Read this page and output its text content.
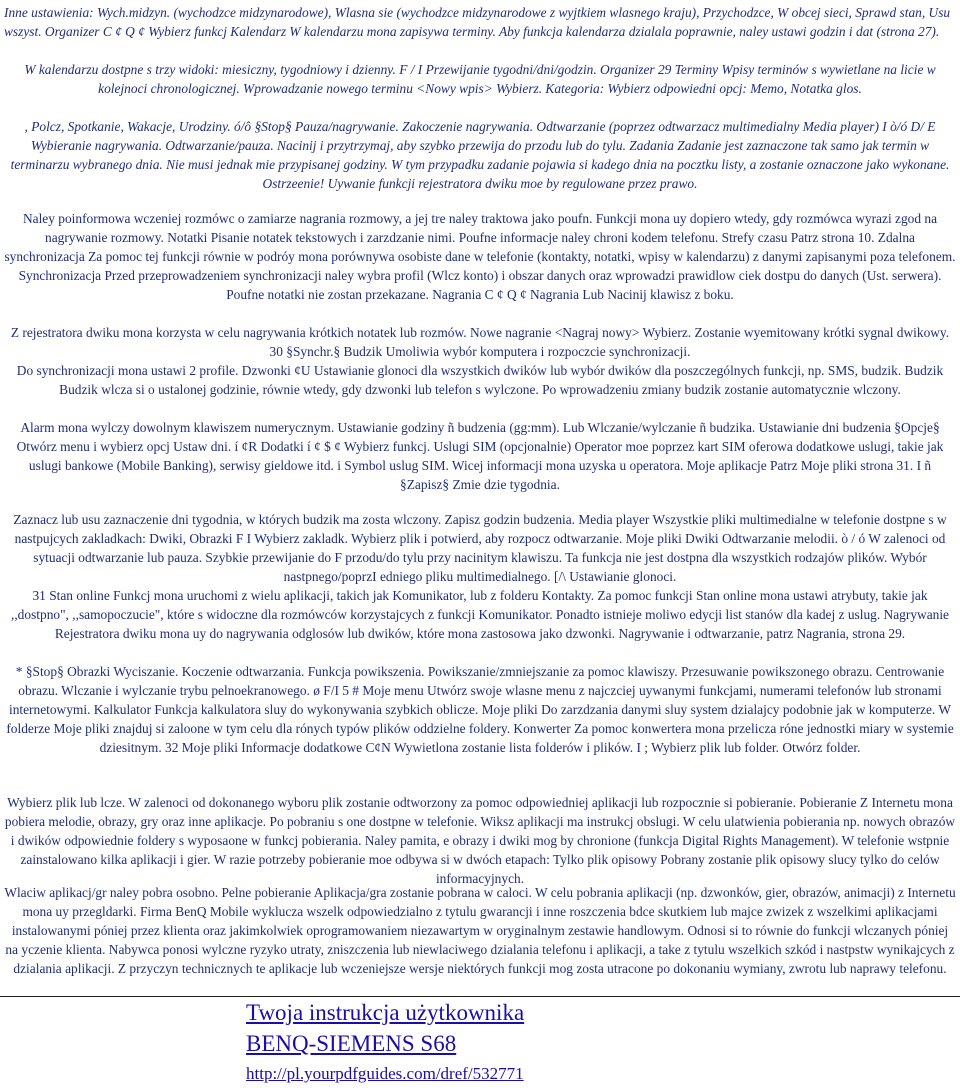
Inne ustawienia: Wych.midzyn. (wychodzce midzynarodowe), Wlasna sie (wychodzce midzynarodowe z wyjtkiem wlasnego kraju), Przychodzce, W obcej sieci, Sprawd stan, Usu wszyst. Organizer C ¢ Q ¢ Wybierz funkcj Kalendarz W kalendarzu mona zapisywa terminy. Aby funkcja kalendarza dzialala poprawnie, naley ustawi godzin i dat (strona 27).

W kalendarzu dostpne s trzy widoki: miesiczny, tygodniowy i dzienny. F / I Przewijanie tygodni/dni/godzin. Organizer 29 Terminy Wpisy terminów s wywietlane na licie w kolejnoci chronologicznej. Wprowadzanie nowego terminu <Nowy wpis> Wybierz. Kategoria: Wybierz odpowiedni opcj: Memo, Notatka glos.

, Polcz, Spotkanie, Wakacje, Urodziny. ó/ô §Stop§ Pauza/nagrywanie. Zakoczenie nagrywania. Odtwarzanie (poprzez odtwarzacz multimedialny Media player) I ò/ó D/ E Wybieranie nagrywania. Odtwarzanie/pauza. Nacinij i przytrzymaj, aby szybko przewija do przodu lub do tylu. Zadania Zadanie jest zaznaczone tak samo jak termin w terminarzu wybranego dnia. Nie musi jednak mie przypisanej godziny. W tym przypadku zadanie pojawia si kadego dnia na pocztku listy, a zostanie oznaczone jako wykonane. Ostrzeenie! Uywanie funkcji rejestratora dwiku moe by regulowane przez prawo.

Naley poinformowa wczeniej rozmówc o zamiarze nagrania rozmowy, a jej tre naley traktowa jako poufn. Funkcji mona uy dopiero wtedy, gdy rozmówca wyrazi zgod na nagrywanie rozmowy. Notatki Pisanie notatek tekstowych i zarzdzanie nimi. Poufne informacje naley chroni kodem telefonu. Strefy czasu Patrz strona 10. Zdalna synchronizacja Za pomoc tej funkcji równie w podróy mona porównywa osobiste dane w telefonie (kontakty, notatki, wpisy w kalendarzu) z danymi zapisanymi poza telefonem. Synchronizacja Przed przeprowadzeniem synchronizacji naley wybra profil (Wlcz konto) i obszar danych oraz wprowadzi prawidlow ciek dostpu do danych (Ust. serwera). Poufne notatki nie zostan przekazane. Nagrania C ¢ Q ¢ Nagrania Lub Nacinij klawisz z boku.

Z rejestratora dwiku mona korzysta w celu nagrywania krótkich notatek lub rozmów. Nowe nagranie <Nagraj nowy> Wybierz. Zostanie wyemitowany krótki sygnal dwikowy. 30 §Synchr.§ Budzik Umoliwia wybór komputera i rozpoczcie synchronizacji.

Do synchronizacji mona ustawi 2 profile. Dzwonki ¢U Ustawianie glonoci dla wszystkich dwików lub wybór dwików dla poszczególnych funkcji, np. SMS, budzik. Budzik Budzik wlcza si o ustalonej godzinie, równie wtedy, gdy dzwonki lub telefon s wylczone. Po wprowadzeniu zmiany budzik zostanie automatycznie wlczony.

Alarm mona wylczy dowolnym klawiszem numerycznym. Ustawianie godziny ñ budzenia (gg:mm). Lub Wlczanie/wylczanie ñ budzika. Ustawianie dni budzenia §Opcje§ Otwórz menu i wybierz opcj Ustaw dni. í ¢R Dodatki í ¢ $ ¢ Wybierz funkcj. Uslugi SIM (opcjonalnie) Operator moe poprzez kart SIM oferowa dodatkowe uslugi, takie jak uslugi bankowe (Mobile Banking), serwisy gieldowe itd. i Symbol uslug SIM. Wicej informacji mona uzyska u operatora. Moje aplikacje Patrz Moje pliki strona 31. I ñ §Zapisz§ Zmie dzie tygodnia.

Zaznacz lub usu zaznaczenie dni tygodnia, w których budzik ma zosta wlczony. Zapisz godzin budzenia. Media player Wszystkie pliki multimedialne w telefonie dostpne s w nastpujcych zakladkach: Dwiki, Obrazki F I Wybierz zakladk. Wybierz plik i potwierd, aby rozpocz odtwarzanie. Moje pliki Dwiki Odtwarzanie melodii. ò / ó W zalenoci od sytuacji odtwarzanie lub pauza. Szybkie przewijanie do F przodu/do tylu przy nacinitym klawiszu. Ta funkcja nie jest dostpna dla wszystkich rodzajów plików. Wybór nastpnego/poprzI edniego pliku multimedialnego. [/\ Ustawianie glonoci.

31 Stan online Funkcj mona uruchomi z wielu aplikacji, takich jak Komunikator, lub z folderu Kontakty. Za pomoc funkcji Stan online mona ustawi atrybuty, takie jak ,,dostpno", ,,samopoczucie", które s widoczne dla rozmówców korzystajcych z funkcji Komunikator. Ponadto istnieje moliwo edycji list stanów dla kadej z uslug. Nagrywanie Rejestratora dwiku mona uy do nagrywania odglosów lub dwików, które mona zastosowa jako dzwonki. Nagrywanie i odtwarzanie, patrz Nagrania, strona 29.

* §Stop§ Obrazki Wyciszanie. Koczenie odtwarzania. Funkcja powikszenia. Powikszanie/zmniejszanie za pomoc klawiszy. Przesuwanie powikszonego obrazu. Centrowanie obrazu. Wlczanie i wylczanie trybu pelnoekranowego. ø F/I 5 # Moje menu Utwórz swoje wlasne menu z najczciej uywanymi funkcjami, numerami telefonów lub stronami internetowymi. Kalkulator Funkcja kalkulatora sluy do wykonywania szybkich oblicze. Moje pliki Do zarzdzania danymi sluy system dzialajcy podobnie jak w komputerze. W folderze Moje pliki znajduj si zaloone w tym celu dla rónych typów plików oddzielne foldery. Konwerter Za pomoc konwertera mona przelicza róne jednostki miary w systemie dziesitnym. 32 Moje pliki Informacje dodatkowe C¢N Wywietlona zostanie lista folderów i plików. I ; Wybierz plik lub folder. Otwórz folder.

Wybierz plik lub lcze. W zalenoci od dokonanego wyboru plik zostanie odtworzony za pomoc odpowiedniej aplikacji lub rozpocznie si pobieranie. Pobieranie Z Internetu mona pobiera melodie, obrazy, gry oraz inne aplikacje. Po pobraniu s one dostpne w telefonie. Wiksz aplikacji ma instrukcj obslugi. W celu ulatwienia pobierania np. nowych obrazów i dwików odpowiednie foldery s wyposaone w funkcj pobierania. Naley pamita, e obrazy i dwiki mog by chronione (funkcja Digital Rights Management). W telefonie wstpnie zainstalowano kilka aplikacji i gier. W razie potrzeby pobieranie moe odbywa si w dwóch etapach: Tylko plik opisowy Pobrany zostanie plik opisowy slucy tylko do celów informacyjnych.

Wlaciw aplikacj/gr naley pobra osobno. Pelne pobieranie Aplikacja/gra zostanie pobrana w caloci. W celu pobrania aplikacji (np. dzwonków, gier, obrazów, animacji) z Internetu mona uy przegldarki. Firma BenQ Mobile wyklucza wszelk odpowiedzialno z tytulu gwarancji i inne roszczenia bdce skutkiem lub majce zwizek z wszelkimi aplikacjami instalowanymi póniej przez klienta oraz jakimkolwiek oprogramowaniem niezawartym w oryginalnym zestawie handlowym. Odnosi si to równie do funkcji wlczanych póniej na yczenie klienta. Nabywca ponosi wylczne ryzyko utraty, zniszczenia lub niewlaciwego dzialania telefonu i aplikacji, a take z tytulu wszelkich szkód i nastpstw wynikajcych z dzialania aplikacji. Z przyczyn technicznych te aplikacje lub wczeniejsze wersje niektórych funkcji mog zosta utracone po dokonaniu wymiany, zwrotu lub naprawy telefonu.

Twoja instrukcja użytkownika
BENQ-SIEMENS S68
http://pl.yourpdfguides.com/dref/532771
